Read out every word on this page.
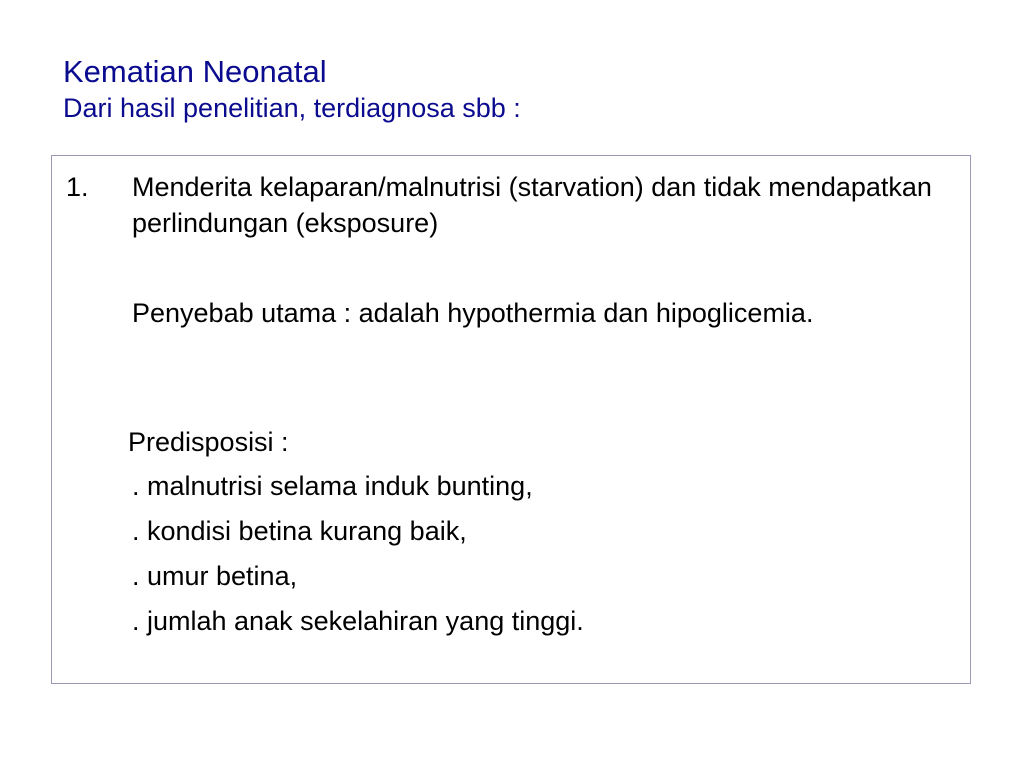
Kematian Neonatal
Dari hasil penelitian, terdiagnosa sbb :
1.	Menderita kelaparan/malnutrisi (starvation) dan tidak mendapatkan perlindungan (eksposure)
Penyebab utama : adalah hypothermia dan hipoglicemia.
Predisposisi :
. malnutrisi selama induk bunting,
. kondisi betina kurang baik,
. umur betina,
. jumlah anak sekelahiran yang tinggi.
